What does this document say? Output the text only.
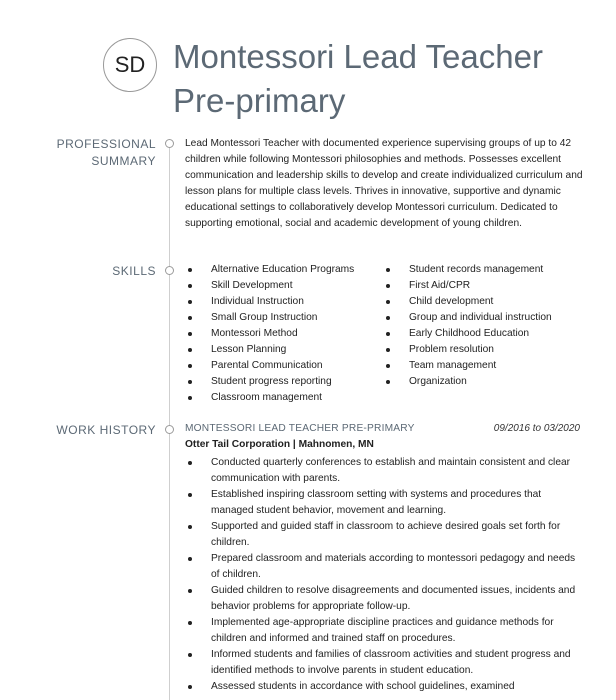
SD Montessori Lead Teacher
Pre-primary
PROFESSIONAL
SUMMARY
Lead Montessori Teacher with documented experience supervising groups of up to 42 children while following Montessori philosophies and methods. Possesses excellent communication and leadership skills to develop and create individualized curriculum and lesson plans for multiple class levels. Thrives in innovative, supportive and dynamic educational settings to collaboratively develop Montessori curriculum. Dedicated to supporting emotional, social and academic development of young children.
SKILLS	Alternative Education Programs
Skill Development
Individual Instruction
Small Group Instruction
Montessori Method
Lesson Planning
Parental Communication
Student progress reporting
Classroom management
Student records management
First Aid/CPR
Child development
Group and individual instruction
Early Childhood Education
Problem resolution
Team management
Organization
WORK HISTORY	MONTESSORI LEAD TEACHER PRE-PRIMARY	09/2016 to 03/2020
Otter Tail Corporation | Mahnomen, MN
Conducted quarterly conferences to establish and maintain consistent and clear communication with parents.
Established inspiring classroom setting with systems and procedures that managed student behavior, movement and learning.
Supported and guided staff in classroom to achieve desired goals set forth for children.
Prepared classroom and materials according to montessori pedagogy and needs of children.
Guided children to resolve disagreements and documented issues, incidents and behavior problems for appropriate follow-up.
Implemented age-appropriate discipline practices and guidance methods for children and informed and trained staff on procedures.
Informed students and families of classroom activities and student progress and identified methods to involve parents in student education.
Assessed students in accordance with school guidelines, examined
